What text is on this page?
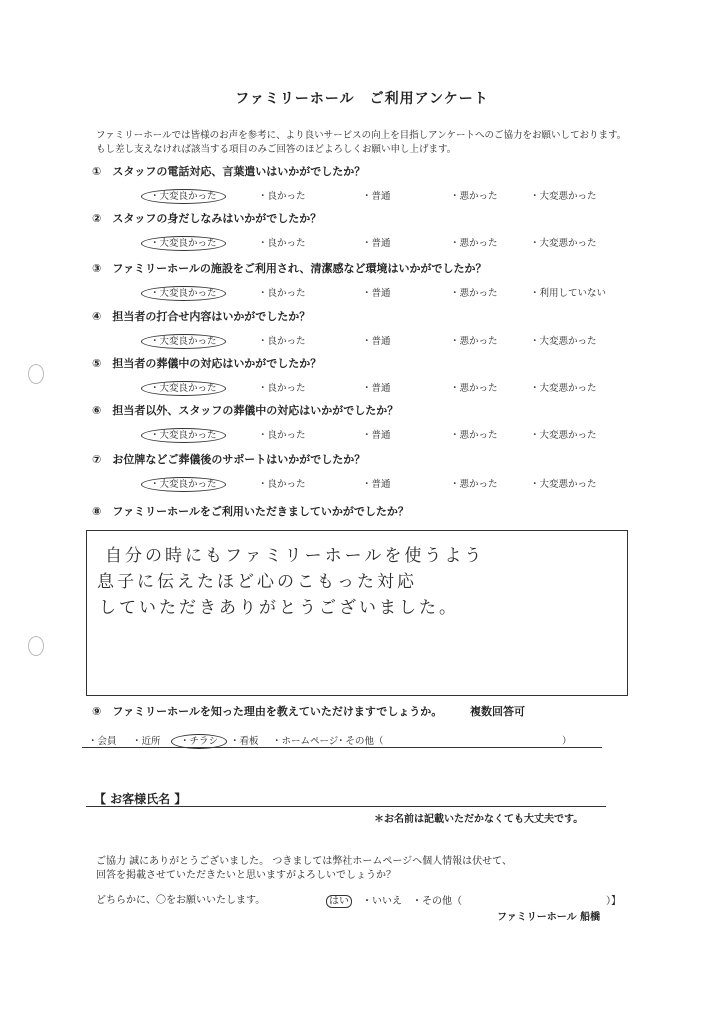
ファミリーホール　ご利用アンケート
ファミリーホールでは皆様のお声を参考に、より良いサービスの向上を目指しアンケートへのご協力をお願いしております。
もし差し支えなければ該当する項目のみご回答のほどよろしくお願い申し上げます。
①　スタッフの電話対応、言葉遣いはいかがでしたか？
・大変良かった	・良かった	・普通	・悪かった	・大変悪かった
②　スタッフの身だしなみはいかがでしたか？
・大変良かった	・良かった	・普通	・悪かった	・大変悪かった
③　ファミリーホールの施設をご利用され、清潔感など環境はいかがでしたか？
・大変良かった	・良かった	・普通	・悪かった	・利用していない
④　担当者の打合せ内容はいかがでしたか？
・大変良かった	・良かった	・普通	・悪かった	・大変悪かった
⑤　担当者の葬儀中の対応はいかがでしたか？
・大変良かった	・良かった	・普通	・悪かった	・大変悪かった
⑥　担当者以外、スタッフの葬儀中の対応はいかがでしたか？
・大変良かった	・良かった	・普通	・悪かった	・大変悪かった
⑦　お位牌などご葬儀後のサポートはいかがでしたか？
・大変良かった	・良かった	・普通	・悪かった	・大変悪かった
⑧　ファミリーホールをご利用いただきましていかがでしたか？
自分の時にもファミリーホールを使うよう
息子に伝えたほど心のこもった対応
していただきありがとうございました。
⑨　ファミリーホールを知った理由を教えていただけますでしょうか。	複数回答可
・会員 ・近所 ・チラシ	・看板 ・ホームページ
・その他（	）
【 お客様氏名 】
＊お名前は記載いただかなくても大丈夫です。
ご協力 誠にありがとうございました。 つきましては弊社ホームページへ個人情報は伏せて、
回答を掲載させていただきたいと思いますがよろしいでしょうか？
どちらかに、〇をお願いいたします。	はい	・いいえ ・その他（	）】
ファミリーホール 船橋
